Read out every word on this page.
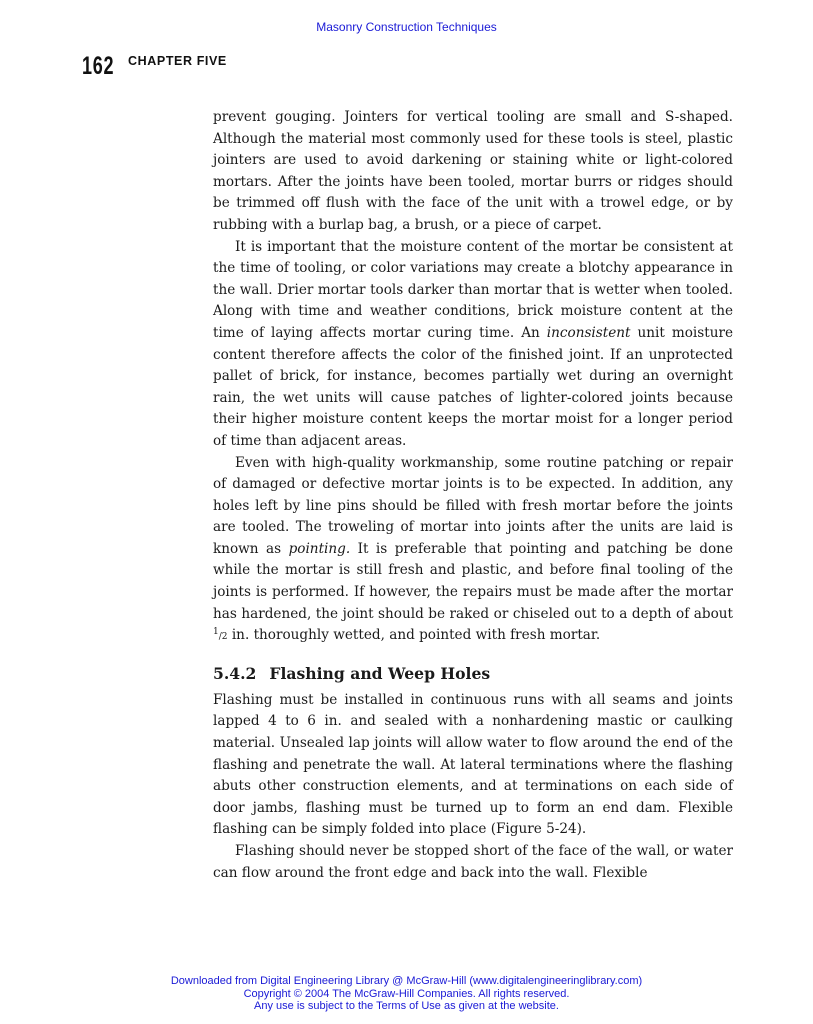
Masonry Construction Techniques
162 CHAPTER FIVE

prevent gouging. Jointers for vertical tooling are small and S-shaped. Although the material most commonly used for these tools is steel, plastic jointers are used to avoid darkening or staining white or light-colored mortars. After the joints have been tooled, mortar burrs or ridges should be trimmed off flush with the face of the unit with a trowel edge, or by rubbing with a burlap bag, a brush, or a piece of carpet.

It is important that the moisture content of the mortar be consistent at the time of tooling, or color variations may create a blotchy appearance in the wall. Drier mortar tools darker than mortar that is wetter when tooled. Along with time and weather conditions, brick moisture content at the time of laying affects mortar curing time. An inconsistent unit moisture content therefore affects the color of the finished joint. If an unprotected pallet of brick, for instance, becomes partially wet during an overnight rain, the wet units will cause patches of lighter-colored joints because their higher moisture content keeps the mortar moist for a longer period of time than adjacent areas.

Even with high-quality workmanship, some routine patching or repair of damaged or defective mortar joints is to be expected. In addition, any holes left by line pins should be filled with fresh mortar before the joints are tooled. The troweling of mortar into joints after the units are laid is known as pointing. It is preferable that pointing and patching be done while the mortar is still fresh and plastic, and before final tooling of the joints is performed. If however, the repairs must be made after the mortar has hardened, the joint should be raked or chiseled out to a depth of about 1/2 in. thoroughly wetted, and pointed with fresh mortar.

5.4.2 Flashing and Weep Holes

Flashing must be installed in continuous runs with all seams and joints lapped 4 to 6 in. and sealed with a nonhardening mastic or caulking material. Unsealed lap joints will allow water to flow around the end of the flashing and penetrate the wall. At lateral terminations where the flashing abuts other construction elements, and at terminations on each side of door jambs, flashing must be turned up to form an end dam. Flexible flashing can be simply folded into place (Figure 5-24).

Flashing should never be stopped short of the face of the wall, or water can flow around the front edge and back into the wall. Flexible

Downloaded from Digital Engineering Library @ McGraw-Hill (www.digitalengineeringlibrary.com)
Copyright © 2004 The McGraw-Hill Companies. All rights reserved.
Any use is subject to the Terms of Use as given at the website.
